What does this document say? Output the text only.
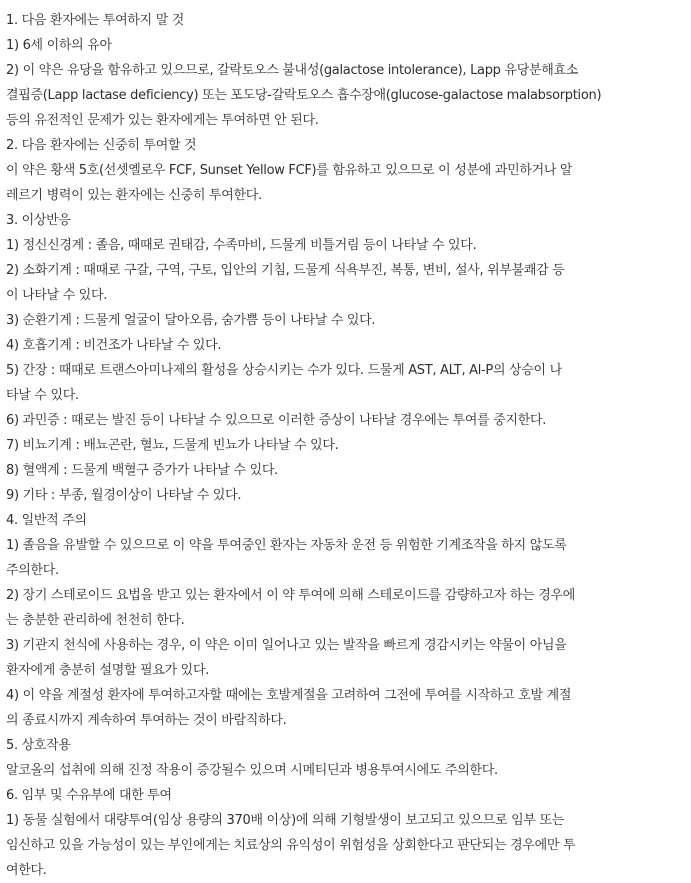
1. 다음 환자에는 투여하지 말 것
1) 6세 이하의 유아
2) 이 약은 유당을 함유하고 있으므로, 갈락토오스 불내성(galactose intolerance), Lapp 유당분해효소
결핍증(Lapp lactase deficiency) 또는 포도당-갈락토오스 흡수장애(glucose-galactose malabsorption)
등의 유전적인 문제가 있는 환자에게는 투여하면 안 된다.
2. 다음 환자에는 신중히 투여할 것
이 약은 황색 5호(선셋옐로우 FCF, Sunset Yellow FCF)를 함유하고 있으므로 이 성분에 과민하거나 알
레르기 병력이 있는 환자에는 신중히 투여한다.
3. 이상반응
1) 정신신경계 : 졸음, 때때로 권태감, 수족마비, 드물게 비틀거림 등이 나타날 수 있다.
2) 소화기계 : 때때로 구갈, 구역, 구토, 입안의 기침, 드물게 식욕부진, 복통, 변비, 설사, 위부불쾌감 등
이 나타날 수 있다.
3) 순환기계 : 드물게 얼굴이 달아오름, 숨가쁨 등이 나타날 수 있다.
4) 호흡기계 : 비건조가 나타날 수 있다.
5) 간장 : 때때로 트랜스아미나제의 활성을 상승시키는 수가 있다. 드물게 AST, ALT, Al-P의 상승이 나
타날 수 있다.
6) 과민증 : 때로는 발진 등이 나타날 수 있으므로 이러한 증상이 나타날 경우에는 투여를 중지한다.
7) 비뇨기계 : 배뇨곤란, 혈뇨, 드물게 빈뇨가 나타날 수 있다.
8) 혈액계 : 드물게 백혈구 증가가 나타날 수 있다.
9) 기타 : 부종, 월경이상이 나타날 수 있다.
4. 일반적 주의
1) 졸음을 유발할 수 있으므로 이 약을 투여중인 환자는 자동차 운전 등 위험한 기계조작을 하지 않도록
주의한다.
2) 장기 스테로이드 요법을 받고 있는 환자에서 이 약 투여에 의해 스테로이드를 감량하고자 하는 경우에
는 충분한 관리하에 천천히 한다.
3) 기관지 천식에 사용하는 경우, 이 약은 이미 일어나고 있는 발작을 빠르게 경감시키는 약물이 아님을
환자에게 충분히 설명할 필요가 있다.
4) 이 약을 계절성 환자에 투여하고자할 때에는 호발계절을 고려하여 그전에 투여를 시작하고 호발 계절
의 종료시까지 계속하여 투여하는 것이 바람직하다.
5. 상호작용
알코올의 섭취에 의해 진정 작용이 증강될수 있으며 시메티딘과 병용투여시에도 주의한다.
6. 임부 및 수유부에 대한 투여
1) 동물 실험에서 대량투여(임상 용량의 370배 이상)에 의해 기형발생이 보고되고 있으므로 임부 또는
임신하고 있을 가능성이 있는 부인에게는 치료상의 유익성이 위험성을 상회한다고 판단되는 경우에만 투
여한다.
